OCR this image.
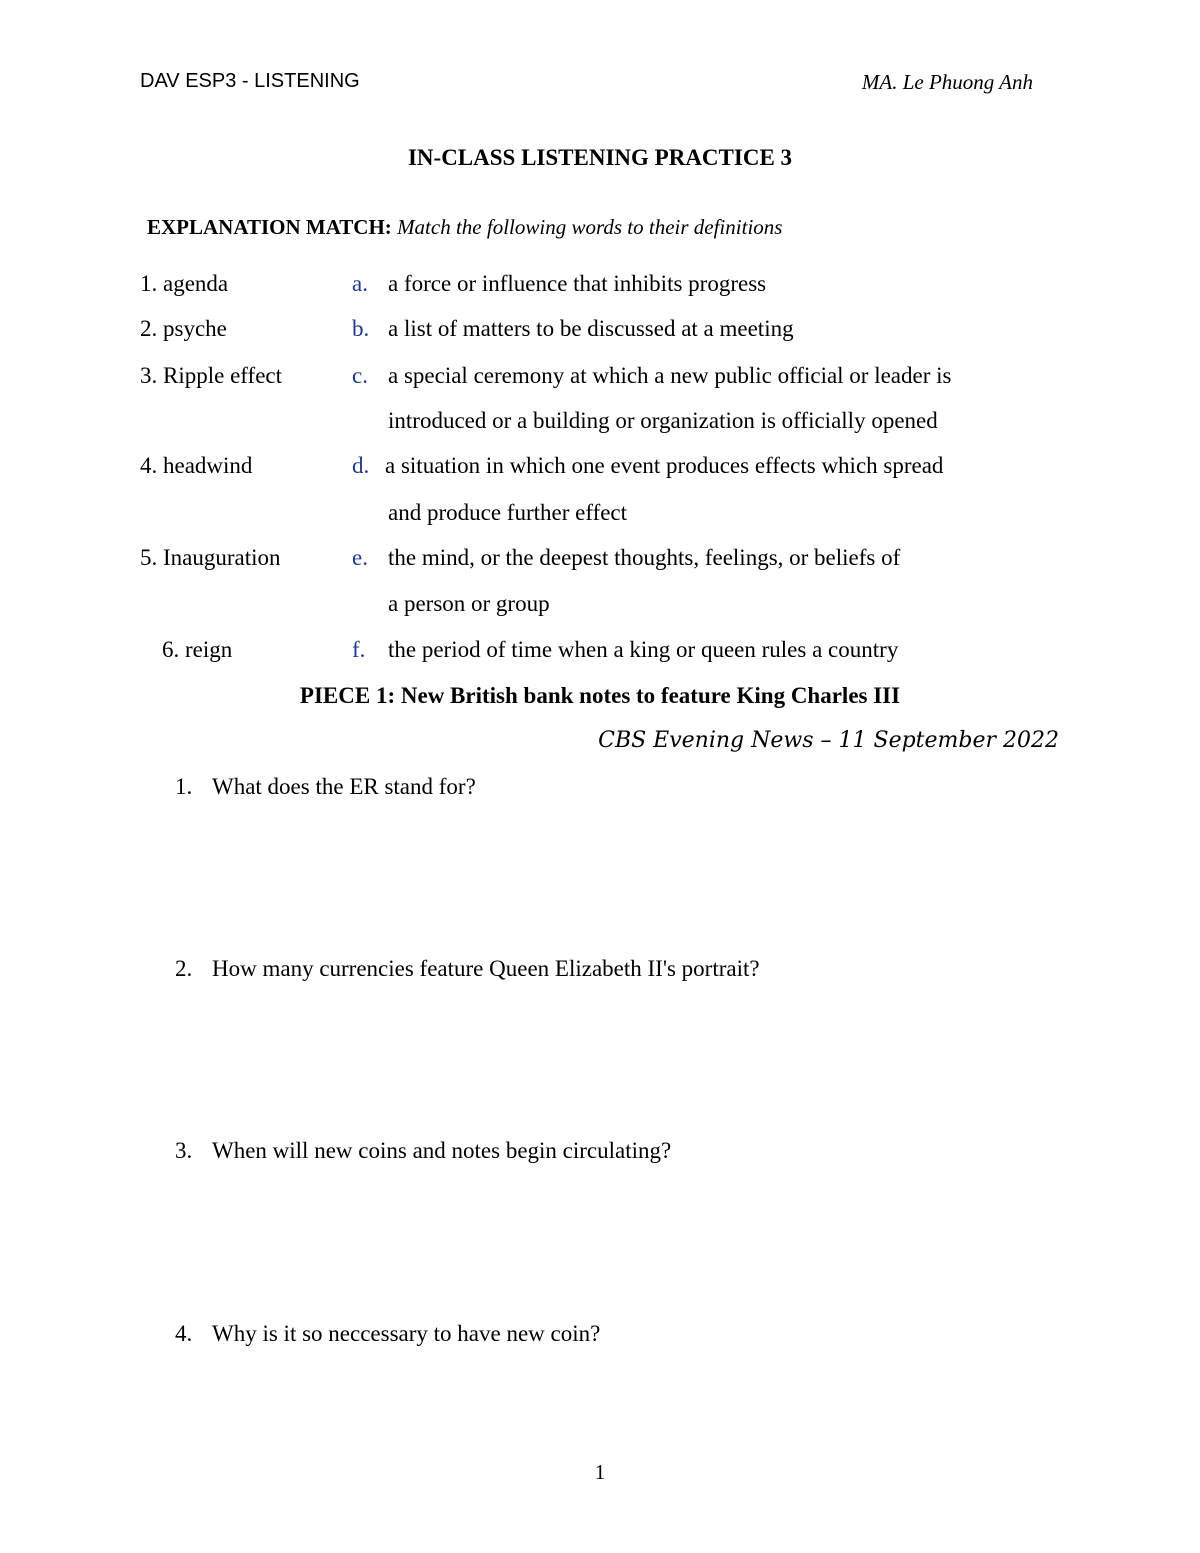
DAV ESP3 - LISTENING	MA. Le Phuong Anh
IN-CLASS LISTENING PRACTICE 3
EXPLANATION MATCH: Match the following words to their definitions
1. agenda	a. a force or influence that inhibits progress
2. psyche	b. a list of matters to be discussed at a meeting
3. Ripple effect	c. a special ceremony at which a new public official or leader is
introduced or a building or organization is officially opened
4. headwind	d. a situation in which one event produces effects which spread
and produce further effect
5. Inauguration	e. the mind, or the deepest thoughts, feelings, or beliefs of
a person or group
6. reign	f. the period of time when a king or queen rules a country
PIECE 1: New British bank notes to feature King Charles III
CBS Evening News – 11 September 2022
1. What does the ER stand for?
2. How many currencies feature Queen Elizabeth II's portrait?
3. When will new coins and notes begin circulating?
4. Why is it so neccessary to have new coin?
1
